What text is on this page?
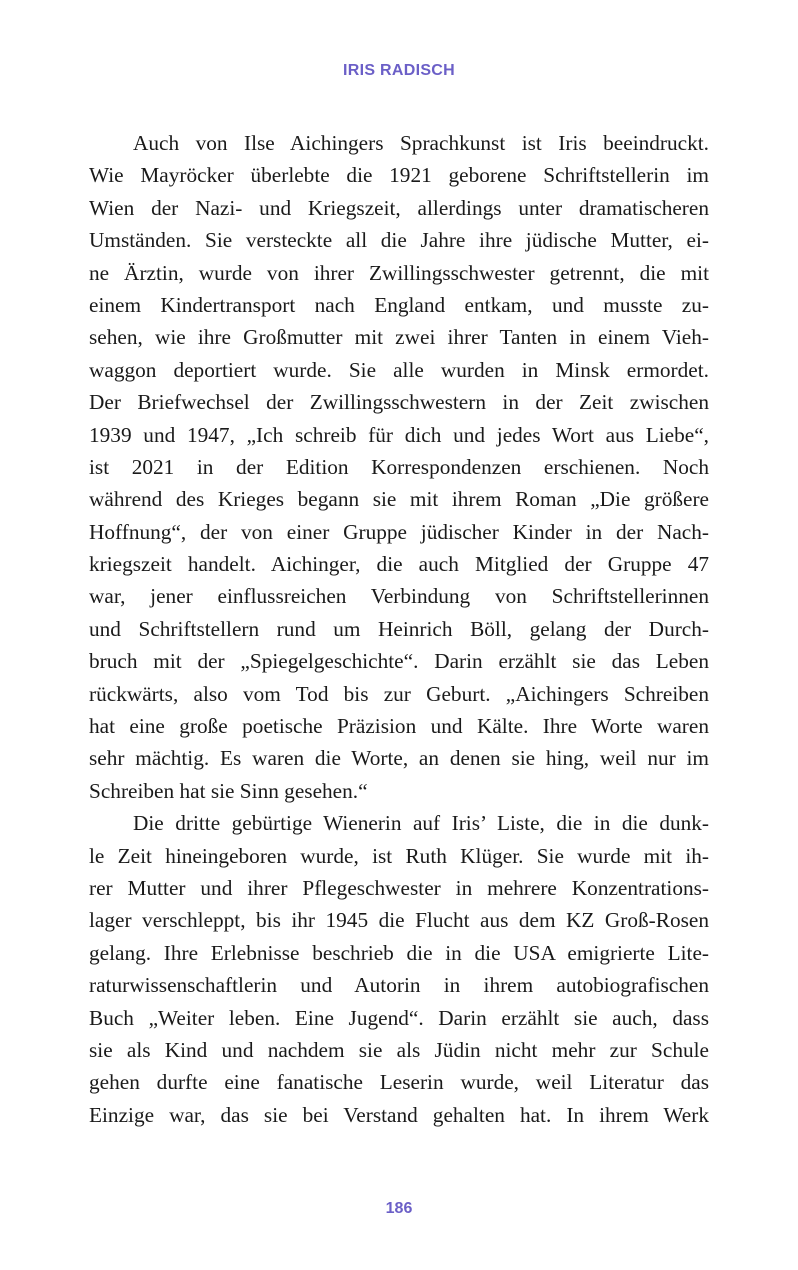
IRIS RADISCH
Auch von Ilse Aichingers Sprachkunst ist Iris beeindruckt.
Wie Mayröcker überlebte die 1921 geborene Schriftstellerin im
Wien der Nazi- und Kriegszeit, allerdings unter dramatischeren
Umständen. Sie versteckte all die Jahre ihre jüdische Mutter, ei-
ne Ärztin, wurde von ihrer Zwillingsschwester getrennt, die mit
einem Kindertransport nach England entkam, und musste zu-
sehen, wie ihre Großmutter mit zwei ihrer Tanten in einem Vieh-
waggon deportiert wurde. Sie alle wurden in Minsk ermordet.
Der Briefwechsel der Zwillingsschwestern in der Zeit zwischen
1939 und 1947, „Ich schreib für dich und jedes Wort aus Liebe“,
ist 2021 in der Edition Korrespondenzen erschienen. Noch
während des Krieges begann sie mit ihrem Roman „Die größere
Hoffnung“, der von einer Gruppe jüdischer Kinder in der Nach-
kriegszeit handelt. Aichinger, die auch Mitglied der Gruppe 47
war, jener einflussreichen Verbindung von Schriftstellerinnen
und Schriftstellern rund um Heinrich Böll, gelang der Durch-
bruch mit der „Spiegelgeschichte“. Darin erzählt sie das Leben
rückwärts, also vom Tod bis zur Geburt. „Aichingers Schreiben
hat eine große poetische Präzision und Kälte. Ihre Worte waren
sehr mächtig. Es waren die Worte, an denen sie hing, weil nur im
Schreiben hat sie Sinn gesehen.“
Die dritte gebürtige Wienerin auf Iris’ Liste, die in die dunk-
le Zeit hineingeboren wurde, ist Ruth Klüger. Sie wurde mit ih-
rer Mutter und ihrer Pflegeschwester in mehrere Konzentrations-
lager verschleppt, bis ihr 1945 die Flucht aus dem KZ Groß-Rosen
gelang. Ihre Erlebnisse beschrieb die in die USA emigrierte Lite-
raturwissenschaftlerin und Autorin in ihrem autobiografischen
Buch „Weiter leben. Eine Jugend“. Darin erzählt sie auch, dass
sie als Kind und nachdem sie als Jüdin nicht mehr zur Schule
gehen durfte eine fanatische Leserin wurde, weil Literatur das
Einzige war, das sie bei Verstand gehalten hat. In ihrem Werk
186
